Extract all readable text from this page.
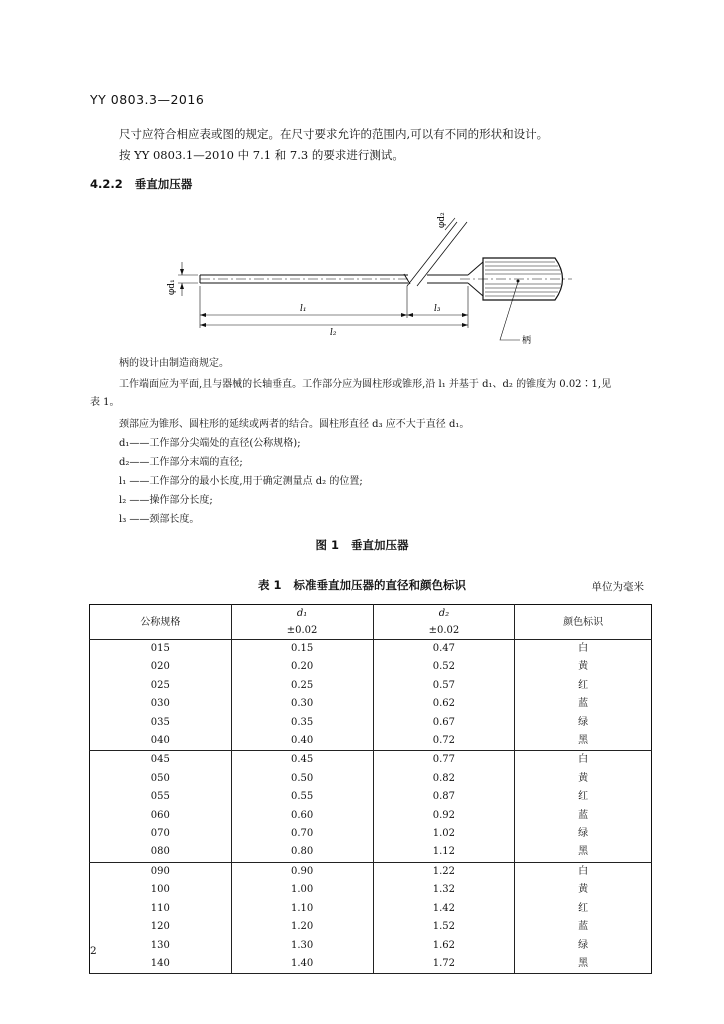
YY 0803.3—2016
尺寸应符合相应表或图的规定。在尺寸要求允许的范围内,可以有不同的形状和设计。
按 YY 0803.1—2010 中 7.1 和 7.3 的要求进行测试。
4.2.2 垂直加压器
φd₁
φd₂
l₁	l₃
l₂
柄
柄的设计由制造商规定。
工作端面应为平面,且与器械的长轴垂直。工作部分应为圆柱形或锥形,沿 l₁ 并基于 d₁、d₂ 的锥度为 0.02∶1,见
表 1。
颈部应为锥形、圆柱形的延续或两者的结合。圆柱形直径 d₃ 应不大于直径 d₁。
d₁——工作部分尖端处的直径(公称规格);
d₂——工作部分末端的直径;
l₁ ——工作部分的最小长度,用于确定测量点 d₂ 的位置;
l₂ ——操作部分长度;
l₃ ——颈部长度。
图 1 垂直加压器
表 1 标准垂直加压器的直径和颜色标识	单位为毫米
公称规格	d₁	d₂	颜色标识
	±0.02	±0.02	
015	0.15	0.47	白
020	0.20	0.52	黄
025	0.25	0.57	红
030	0.30	0.62	蓝
035	0.35	0.67	绿
040	0.40	0.72	黑
045	0.45	0.77	白
050	0.50	0.82	黄
055	0.55	0.87	红
060	0.60	0.92	蓝
070	0.70	1.02	绿
080	0.80	1.12	黑
090	0.90	1.22	白
100	1.00	1.32	黄
110	1.10	1.42	红
120	1.20	1.52	蓝
130	1.30	1.62	绿
140	1.40	1.72	黑
2
